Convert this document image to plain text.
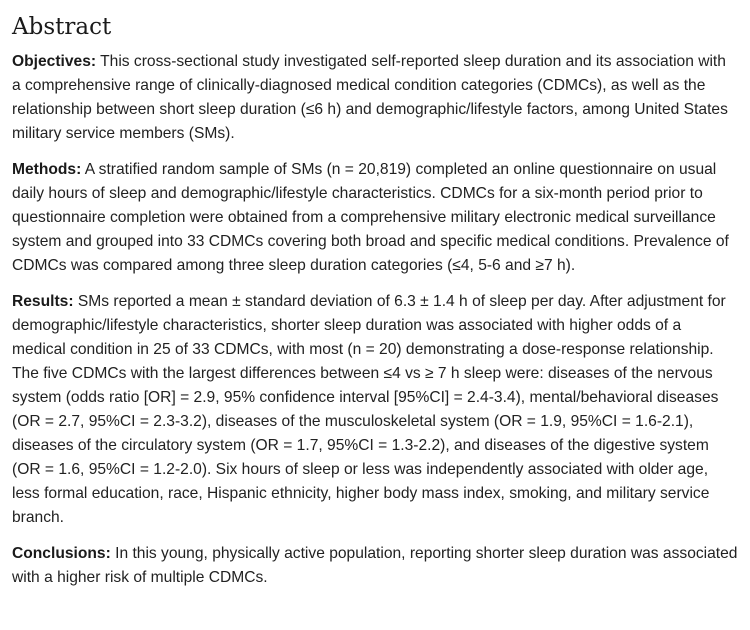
Abstract

Objectives: This cross-sectional study investigated self-reported sleep duration and its association with a comprehensive range of clinically-diagnosed medical condition categories (CDMCs), as well as the relationship between short sleep duration (≤6 h) and demographic/lifestyle factors, among United States military service members (SMs).

Methods: A stratified random sample of SMs (n = 20,819) completed an online questionnaire on usual daily hours of sleep and demographic/lifestyle characteristics. CDMCs for a six-month period prior to questionnaire completion were obtained from a comprehensive military electronic medical surveillance system and grouped into 33 CDMCs covering both broad and specific medical conditions. Prevalence of CDMCs was compared among three sleep duration categories (≤4, 5-6 and ≥7 h).

Results: SMs reported a mean ± standard deviation of 6.3 ± 1.4 h of sleep per day. After adjustment for demographic/lifestyle characteristics, shorter sleep duration was associated with higher odds of a medical condition in 25 of 33 CDMCs, with most (n = 20) demonstrating a dose-response relationship. The five CDMCs with the largest differences between ≤4 vs ≥ 7 h sleep were: diseases of the nervous system (odds ratio [OR] = 2.9, 95% confidence interval [95%CI] = 2.4-3.4), mental/behavioral diseases (OR = 2.7, 95%CI = 2.3-3.2), diseases of the musculoskeletal system (OR = 1.9, 95%CI = 1.6-2.1), diseases of the circulatory system (OR = 1.7, 95%CI = 1.3-2.2), and diseases of the digestive system (OR = 1.6, 95%CI = 1.2-2.0). Six hours of sleep or less was independently associated with older age, less formal education, race, Hispanic ethnicity, higher body mass index, smoking, and military service branch.

Conclusions: In this young, physically active population, reporting shorter sleep duration was associated with a higher risk of multiple CDMCs.
